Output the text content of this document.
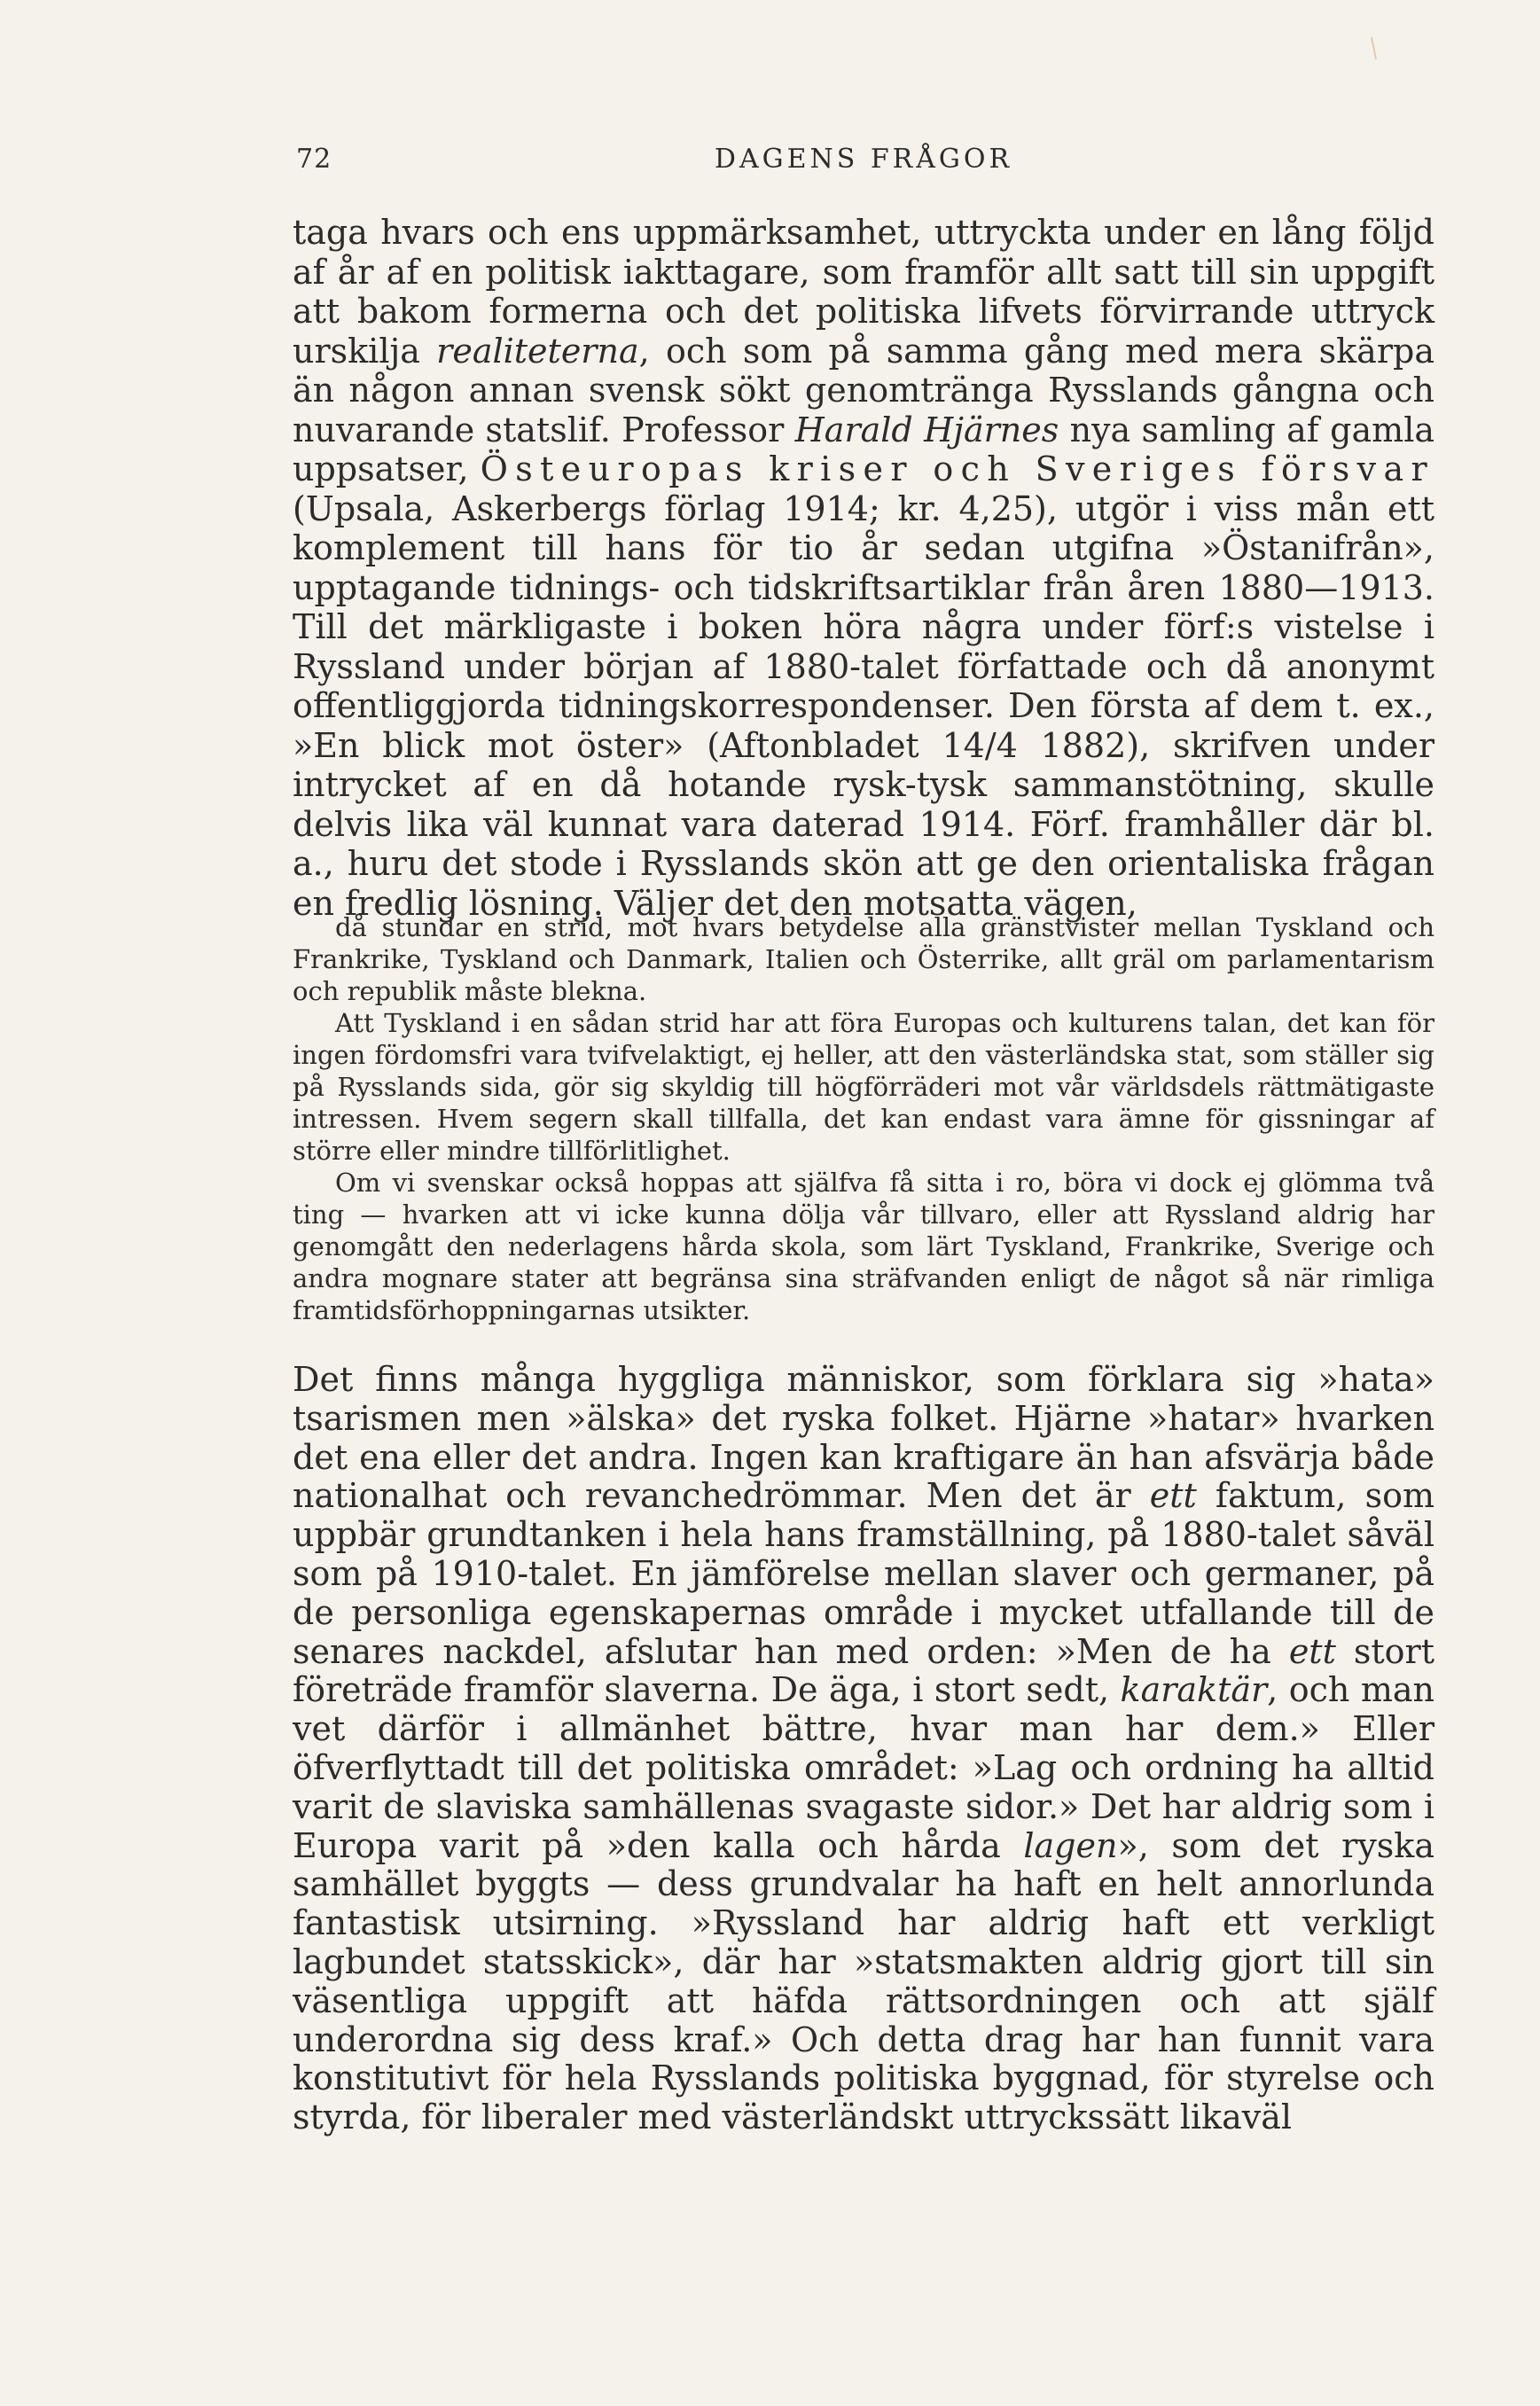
72	DAGENS FRÅGOR

taga hvars och ens uppmärksamhet, uttryckta under en lång följd af år af en politisk iakttagare, som framför allt satt till sin uppgift att bakom formerna och det politiska lifvets förvirrande uttryck urskilja realiteterna, och som på samma gång med mera skärpa än någon annan svensk sökt genomtränga Rysslands gångna och nuvarande statslif. Professor Harald Hjärnes nya samling af gamla uppsatser, Östeuropas kriser och Sveriges försvar (Upsala, Askerbergs förlag 1914; kr. 4,25), utgör i viss mån ett komplement till hans för tio år sedan utgifna »Östanifrån», upptagande tidnings- och tidskriftsartiklar från åren 1880—1913. Till det märkligaste i boken höra några under förf:s vistelse i Ryssland under början af 1880-talet författade och då anonymt offentliggjorda tidningskorrespondenser. Den första af dem t. ex., »En blick mot öster» (Aftonbladet 14/4 1882), skrifven under intrycket af en då hotande rysk-tysk sammanstötning, skulle delvis lika väl kunnat vara daterad 1914. Förf. framhåller där bl. a., huru det stode i Rysslands skön att ge den orientaliska frågan en fredlig lösning. Väljer det den motsatta vägen,

då stundar en strid, mot hvars betydelse alla gränstvister mellan Tyskland och Frankrike, Tyskland och Danmark, Italien och Österrike, allt gräl om parlamentarism och republik måste blekna.

Att Tyskland i en sådan strid har att föra Europas och kulturens talan, det kan för ingen fördomsfri vara tvifvelaktigt, ej heller, att den västerländska stat, som ställer sig på Rysslands sida, gör sig skyldig till högförräderi mot vår världsdels rättmätigaste intressen. Hvem segern skall tillfalla, det kan endast vara ämne för gissningar af större eller mindre tillförlitlighet.

Om vi svenskar också hoppas att själfva få sitta i ro, böra vi dock ej glömma två ting — hvarken att vi icke kunna dölja vår tillvaro, eller att Ryssland aldrig har genomgått den nederlagens hårda skola, som lärt Tyskland, Frankrike, Sverige och andra mognare stater att begränsa sina sträfvanden enligt de något så när rimliga framtidsförhoppningarnas utsikter.

Det finns många hyggliga människor, som förklara sig »hata» tsarismen men »älska» det ryska folket. Hjärne »hatar» hvarken det ena eller det andra. Ingen kan kraftigare än han afsvärja både nationalhat och revanchedrömmar. Men det är ett faktum, som uppbär grundtanken i hela hans framställning, på 1880-talet såväl som på 1910-talet. En jämförelse mellan slaver och germaner, på de personliga egenskapernas område i mycket utfallande till de senares nackdel, afslutar han med orden: »Men de ha ett stort företräde framför slaverna. De äga, i stort sedt, karaktär, och man vet därför i allmänhet bättre, hvar man har dem.» Eller öfverflyttadt till det politiska området: »Lag och ordning ha alltid varit de slaviska samhällenas svagaste sidor.» Det har aldrig som i Europa varit på »den kalla och hårda lagen», som det ryska samhället byggts — dess grundvalar ha haft en helt annorlunda fantastisk utsirning. »Ryssland har aldrig haft ett verkligt lagbundet statsskick», där har »statsmakten aldrig gjort till sin väsentliga uppgift att häfda rättsordningen och att själf underordna sig dess kraf.» Och detta drag har han funnit vara konstitutivt för hela Rysslands politiska byggnad, för styrelse och styrda, för liberaler med västerländskt uttryckssätt likaväl
